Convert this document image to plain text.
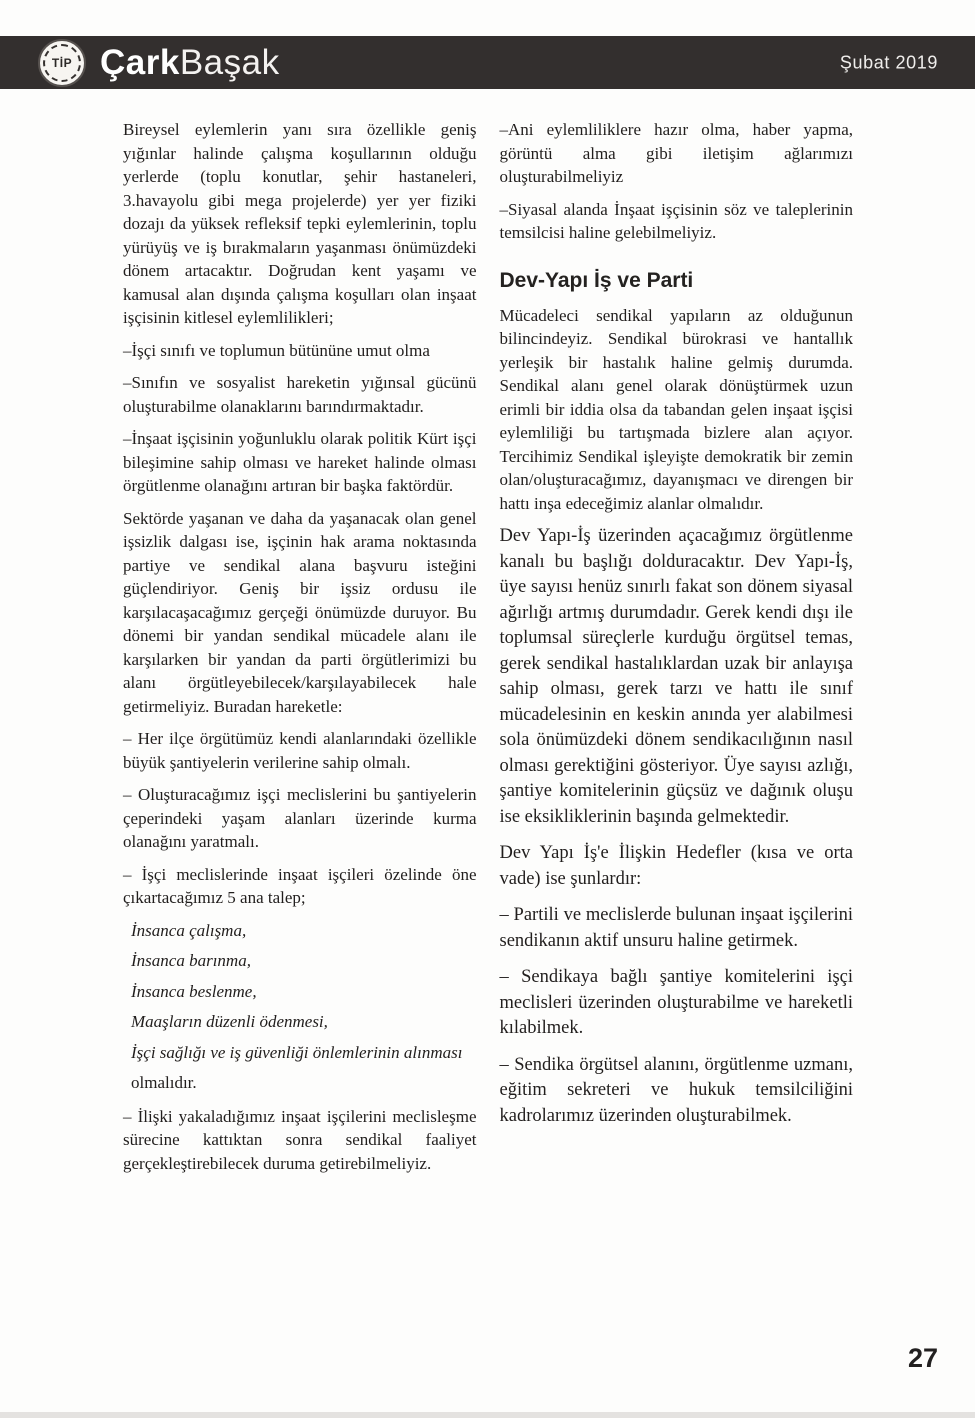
TİP ÇarkBaşak	Şubat 2019

Bireysel eylemlerin yanı sıra özellikle geniş yığınlar halinde çalışma koşullarının olduğu yerlerde (toplu konutlar, şehir hastaneleri, 3.havayolu gibi mega projelerde) yer yer fiziki dozajı da yüksek refleksif tepki eylemlerinin, toplu yürüyüş ve iş bırakmaların yaşanması önümüzdeki dönem artacaktır. Doğrudan kent yaşamı ve kamusal alan dışında çalışma koşulları olan inşaat işçisinin kitlesel eylemlilikleri;

–İşçi sınıfı ve toplumun bütününe umut olma

–Sınıfın ve sosyalist hareketin yığınsal gücünü oluşturabilme olanaklarını barındırmaktadır.

–İnşaat işçisinin yoğunluklu olarak politik Kürt işçi bileşimine sahip olması ve hareket halinde olması örgütlenme olanağını artıran bir başka faktördür.

Sektörde yaşanan ve daha da yaşanacak olan genel işsizlik dalgası ise, işçinin hak arama noktasında partiye ve sendikal alana başvuru isteğini güçlendiriyor. Geniş bir işsiz ordusu ile karşılacaşacağımız gerçeği önümüzde duruyor. Bu dönemi bir yandan sendikal mücadele alanı ile karşılarken bir yandan da parti örgütlerimizi bu alanı örgütleyebilecek/karşılayabilecek hale getirmeliyiz. Buradan hareketle:

– Her ilçe örgütümüz kendi alanlarındaki özellikle büyük şantiyelerin verilerine sahip olmalı.

– Oluşturacağımız işçi meclislerini bu şantiyelerin çeperindeki yaşam alanları üzerinde kurma olanağını yaratmalı.

– İşçi meclislerinde inşaat işçileri özelinde öne çıkartacağımız 5 ana talep;

İnsanca çalışma,

İnsanca barınma,

İnsanca beslenme,

Maaşların düzenli ödenmesi,

İşçi sağlığı ve iş güvenliği önlemlerinin alınması

olmalıdır.

– İlişki yakaladığımız inşaat işçilerini meclisleşme sürecine kattıktan sonra sendikal faaliyet gerçekleştirebilecek duruma getirebilmeliyiz.

–Ani eylemliliklere hazır olma, haber yapma, görüntü alma gibi iletişim ağlarımızı oluşturabilmeliyiz

–Siyasal alanda İnşaat işçisinin söz ve taleplerinin temsilcisi haline gelebilmeliyiz.

Dev-Yapı İş ve Parti

Mücadeleci sendikal yapıların az olduğunun bilincindeyiz. Sendikal bürokrasi ve hantallık yerleşik bir hastalık haline gelmiş durumda. Sendikal alanı genel olarak dönüştürmek uzun erimli bir iddia olsa da tabandan gelen inşaat işçisi eylemliliği bu tartışmada bizlere alan açıyor. Tercihimiz Sendikal işleyişte demokratik bir zemin olan/oluşturacağımız, dayanışmacı ve direngen bir hattı inşa edeceğimiz alanlar olmalıdır.

Dev Yapı-İş üzerinden açacağımız örgütlenme kanalı bu başlığı dolduracaktır. Dev Yapı-İş, üye sayısı henüz sınırlı fakat son dönem siyasal ağırlığı artmış durumdadır. Gerek kendi dışı ile toplumsal süreçlerle kurduğu örgütsel temas, gerek sendikal hastalıklardan uzak bir anlayışa sahip olması, gerek tarzı ve hattı ile sınıf mücadelesinin en keskin anında yer alabilmesi sola önümüzdeki dönem sendikacılığının nasıl olması gerektiğini gösteriyor. Üye sayısı azlığı, şantiye komitelerinin güçsüz ve dağınık oluşu ise eksikliklerinin başında gelmektedir.

Dev Yapı İş'e İlişkin Hedefler (kısa ve orta vade) ise şunlardır:

– Partili ve meclislerde bulunan inşaat işçilerini sendikanın aktif unsuru haline getirmek.

– Sendikaya bağlı şantiye komitelerini işçi meclisleri üzerinden oluşturabilme ve hareketli kılabilmek.

– Sendika örgütsel alanını, örgütlenme uzmanı, eğitim sekreteri ve hukuk temsilciliğini kadrolarımız üzerinden oluşturabilmek.

27
